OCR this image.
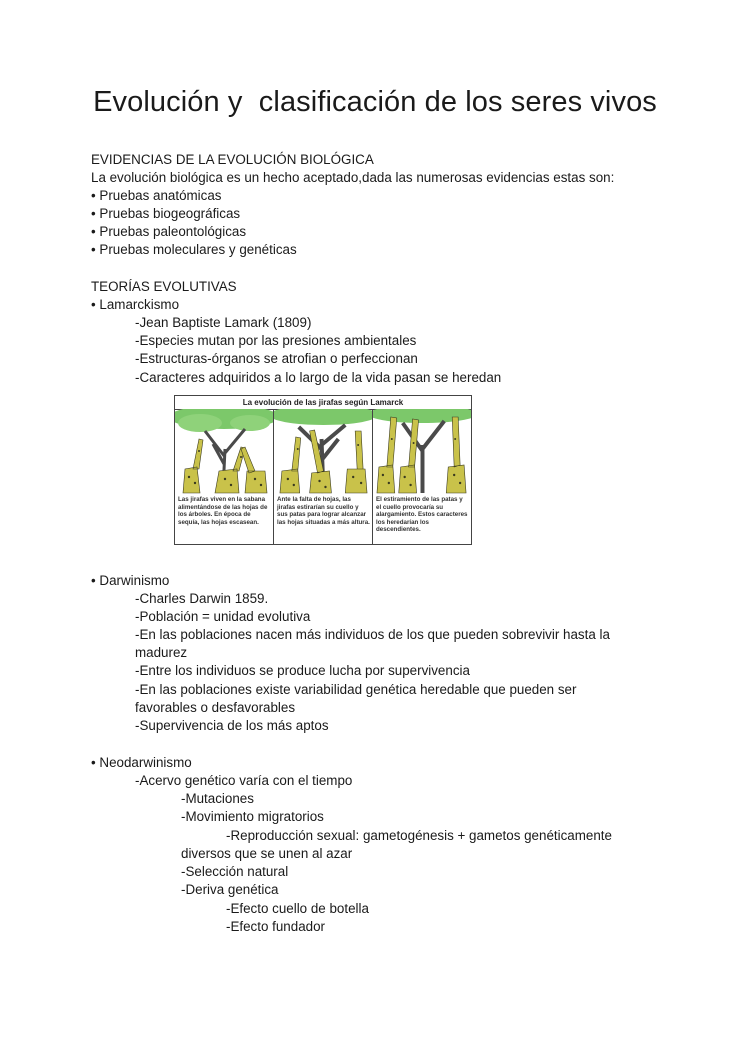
Evolución y  clasificación de los seres vivos
EVIDENCIAS DE LA EVOLUCIÓN BIOLÓGICA
La evolución biológica es un hecho aceptado,dada las numerosas evidencias estas son:
• Pruebas anatómicas
• Pruebas biogeográficas
• Pruebas paleontológicas
• Pruebas moleculares y genéticas
TEORÍAS EVOLUTIVAS
• Lamarckismo
-Jean Baptiste Lamark (1809)
-Especies mutan por las presiones ambientales
-Estructuras-órganos se atrofian o perfeccionan
-Caracteres adquiridos a lo largo de la vida pasan se heredan
La evolución de las jirafas según Lamarck
Las jirafas viven en la sabana alimentándose de las hojas de los árboles. En época de sequía, las hojas escasean.
Ante la falta de hojas, las jirafas estirarían su cuello y sus patas para lograr alcanzar las hojas situadas a más altura.
El estiramiento de las patas y el cuello provocaría su alargamiento. Estos caracteres los heredarían los descendientes.
• Darwinismo
-Charles Darwin 1859.
-Población = unidad evolutiva
-En las poblaciones nacen más individuos de los que pueden sobrevivir hasta la
madurez
-Entre los individuos se produce lucha por supervivencia
-En las poblaciones existe variabilidad genética heredable que pueden ser
favorables o desfavorables
-Supervivencia de los más aptos
• Neodarwinismo
-Acervo genético varía con el tiempo
-Mutaciones
-Movimiento migratorios
-Reproducción sexual: gametogénesis + gametos genéticamente
diversos que se unen al azar
-Selección natural
-Deriva genética
-Efecto cuello de botella
-Efecto fundador
